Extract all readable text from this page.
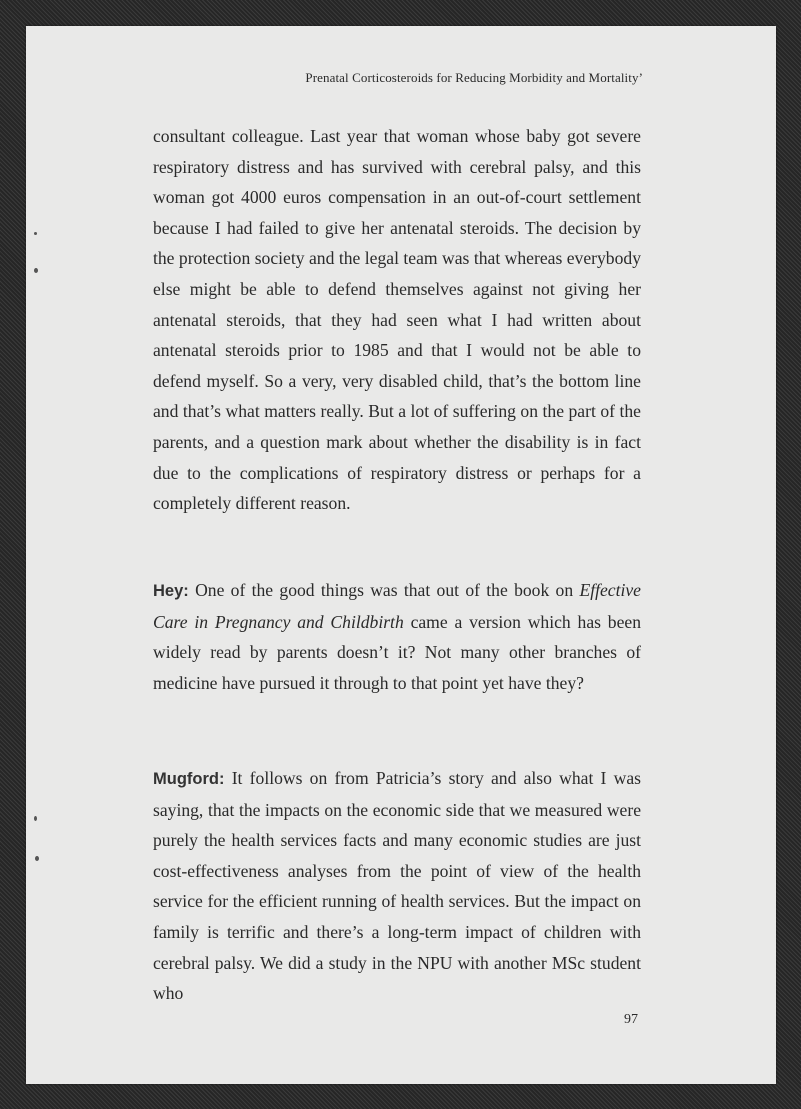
Prenatal Corticosteroids for Reducing Morbidity and Mortality’

consultant colleague. Last year that woman whose baby got severe respiratory distress and has survived with cerebral palsy, and this woman got 4000 euros compensation in an out-of-court settlement because I had failed to give her antenatal steroids. The decision by the protection society and the legal team was that whereas everybody else might be able to defend themselves against not giving her antenatal steroids, that they had seen what I had written about antenatal steroids prior to 1985 and that I would not be able to defend myself. So a very, very disabled child, that’s the bottom line and that’s what matters really. But a lot of suffering on the part of the parents, and a question mark about whether the disability is in fact due to the complications of respiratory distress or perhaps for a completely different reason.

Hey: One of the good things was that out of the book on Effective Care in Pregnancy and Childbirth came a version which has been widely read by parents doesn’t it? Not many other branches of medicine have pursued it through to that point yet have they?

Mugford: It follows on from Patricia’s story and also what I was saying, that the impacts on the economic side that we measured were purely the health services facts and many economic studies are just cost-effectiveness analyses from the point of view of the health service for the efficient running of health services. But the impact on family is terrific and there’s a long-term impact of children with cerebral palsy. We did a study in the NPU with another MSc student who

97
